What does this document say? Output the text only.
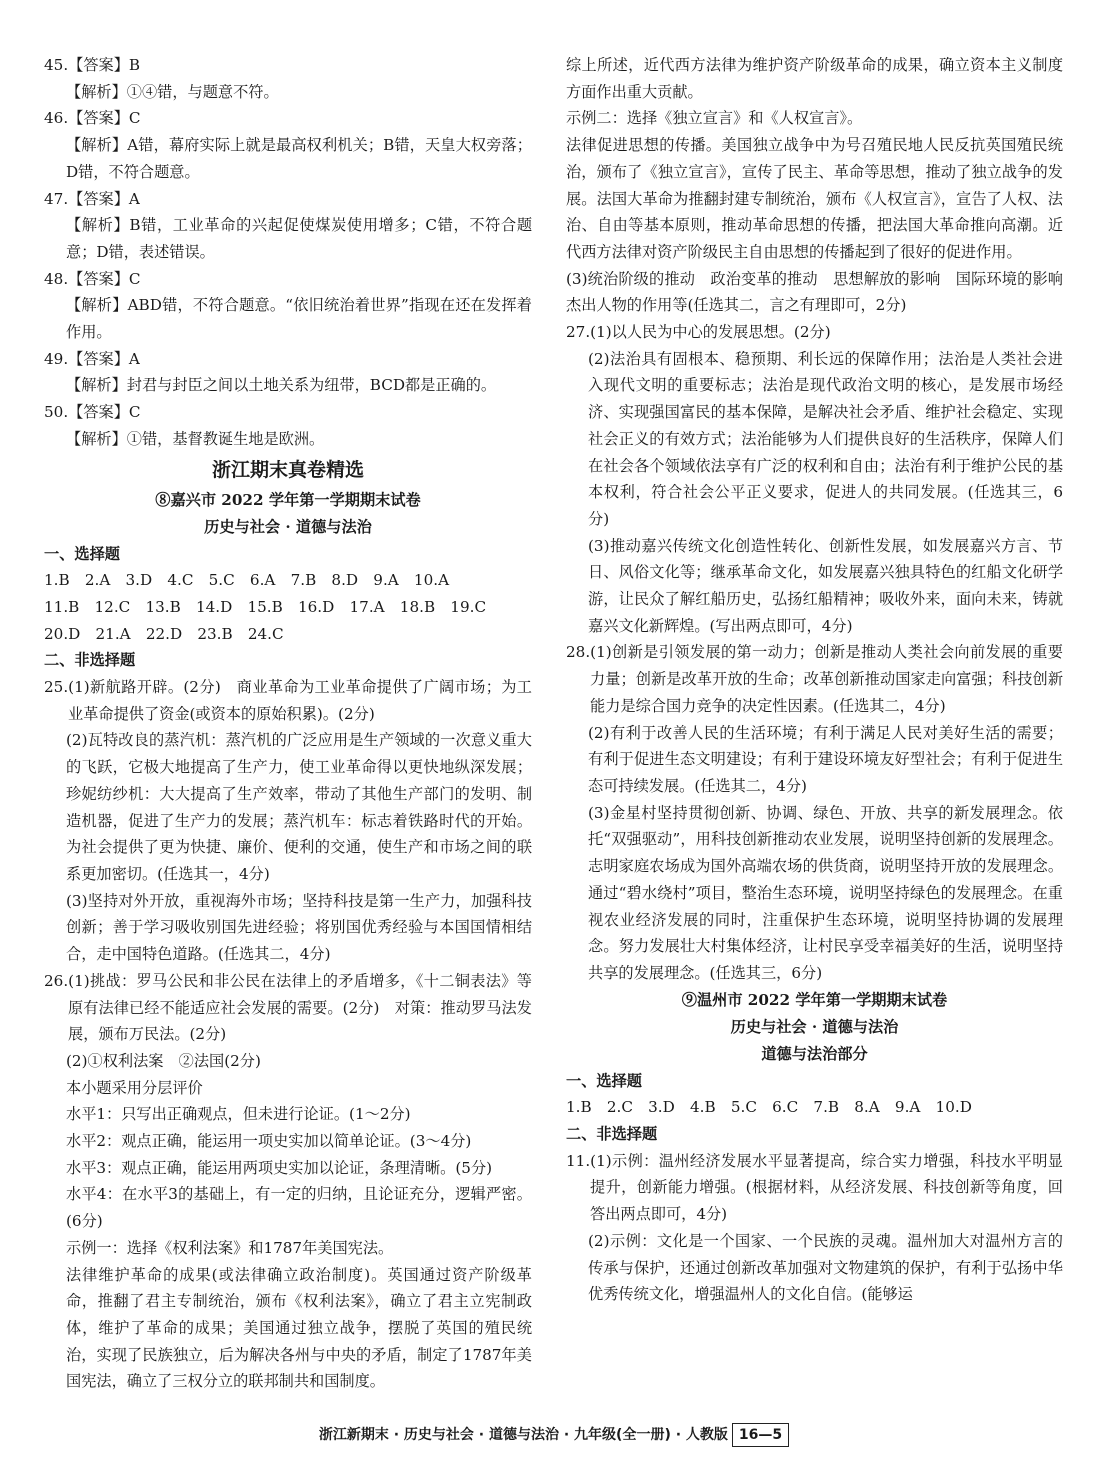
45.【答案】B

【解析】①④错，与题意不符。

46.【答案】C

【解析】A错，幕府实际上就是最高权利机关；B错，天皇大权旁落；D错，不符合题意。

47.【答案】A

【解析】B错，工业革命的兴起促使煤炭使用增多；C错，不符合题意；D错，表述错误。

48.【答案】C

【解析】ABD错，不符合题意。“依旧统治着世界”指现在还在发挥着作用。

49.【答案】A

【解析】封君与封臣之间以土地关系为纽带，BCD都是正确的。

50.【答案】C

【解析】①错，基督教诞生地是欧洲。

浙江期末真卷精选

⑧嘉兴市 2022 学年第一学期期末试卷

历史与社会 · 道德与法治

一、选择题

1.B　2.A　3.D　4.C　5.C　6.A　7.B　8.D　9.A　10.A

11.B　12.C　13.B　14.D　15.B　16.D　17.A　18.B　19.C

20.D　21.A　22.D　23.B　24.C

二、非选择题

25.(1)新航路开辟。(2分)　商业革命为工业革命提供了广阔市场；为工业革命提供了资金(或资本的原始积累)。(2分)

(2)瓦特改良的蒸汽机：蒸汽机的广泛应用是生产领域的一次意义重大的飞跃，它极大地提高了生产力，使工业革命得以更快地纵深发展；珍妮纺纱机：大大提高了生产效率，带动了其他生产部门的发明、制造机器，促进了生产力的发展；蒸汽机车：标志着铁路时代的开始。为社会提供了更为快捷、廉价、便利的交通，使生产和市场之间的联系更加密切。(任选其一，4分)

(3)坚持对外开放，重视海外市场；坚持科技是第一生产力，加强科技创新；善于学习吸收别国先进经验；将别国优秀经验与本国国情相结合，走中国特色道路。(任选其二，4分)

26.(1)挑战：罗马公民和非公民在法律上的矛盾增多，《十二铜表法》等原有法律已经不能适应社会发展的需要。(2分)　对策：推动罗马法发展，颁布万民法。(2分)

(2)①权利法案　②法国(2分)

本小题采用分层评价

水平1：只写出正确观点，但未进行论证。(1～2分)

水平2：观点正确，能运用一项史实加以简单论证。(3～4分)

水平3：观点正确，能运用两项史实加以论证，条理清晰。(5分)

水平4：在水平3的基础上，有一定的归纳，且论证充分，逻辑严密。(6分)

示例一：选择《权利法案》和1787年美国宪法。

法律维护革命的成果(或法律确立政治制度)。英国通过资产阶级革命，推翻了君主专制统治，颁布《权利法案》，确立了君主立宪制政体，维护了革命的成果；美国通过独立战争，摆脱了英国的殖民统治，实现了民族独立，后为解决各州与中央的矛盾，制定了1787年美国宪法，确立了三权分立的联邦制共和国制度。

综上所述，近代西方法律为维护资产阶级革命的成果，确立资本主义制度方面作出重大贡献。

示例二：选择《独立宣言》和《人权宣言》。

法律促进思想的传播。美国独立战争中为号召殖民地人民反抗英国殖民统治，颁布了《独立宣言》，宣传了民主、革命等思想，推动了独立战争的发展。法国大革命为推翻封建专制统治，颁布《人权宣言》，宣告了人权、法治、自由等基本原则，推动革命思想的传播，把法国大革命推向高潮。近代西方法律对资产阶级民主自由思想的传播起到了很好的促进作用。

(3)统治阶级的推动　政治变革的推动　思想解放的影响　国际环境的影响　杰出人物的作用等(任选其二，言之有理即可，2分)

27.(1)以人民为中心的发展思想。(2分)

(2)法治具有固根本、稳预期、利长远的保障作用；法治是人类社会进入现代文明的重要标志；法治是现代政治文明的核心，是发展市场经济、实现强国富民的基本保障，是解决社会矛盾、维护社会稳定、实现社会正义的有效方式；法治能够为人们提供良好的生活秩序，保障人们在社会各个领域依法享有广泛的权利和自由；法治有利于维护公民的基本权利，符合社会公平正义要求，促进人的共同发展。(任选其三，6分)

(3)推动嘉兴传统文化创造性转化、创新性发展，如发展嘉兴方言、节日、风俗文化等；继承革命文化，如发展嘉兴独具特色的红船文化研学游，让民众了解红船历史，弘扬红船精神；吸收外来，面向未来，铸就嘉兴文化新辉煌。(写出两点即可，4分)

28.(1)创新是引领发展的第一动力；创新是推动人类社会向前发展的重要力量；创新是改革开放的生命；改革创新推动国家走向富强；科技创新能力是综合国力竞争的决定性因素。(任选其二，4分)

(2)有利于改善人民的生活环境；有利于满足人民对美好生活的需要；有利于促进生态文明建设；有利于建设环境友好型社会；有利于促进生态可持续发展。(任选其二，4分)

(3)金星村坚持贯彻创新、协调、绿色、开放、共享的新发展理念。依托“双强驱动”，用科技创新推动农业发展，说明坚持创新的发展理念。志明家庭农场成为国外高端农场的供货商，说明坚持开放的发展理念。通过“碧水绕村”项目，整治生态环境，说明坚持绿色的发展理念。在重视农业经济发展的同时，注重保护生态环境，说明坚持协调的发展理念。努力发展壮大村集体经济，让村民享受幸福美好的生活，说明坚持共享的发展理念。(任选其三，6分)

⑨温州市 2022 学年第一学期期末试卷

历史与社会 · 道德与法治

道德与法治部分

一、选择题

1.B　2.C　3.D　4.B　5.C　6.C　7.B　8.A　9.A　10.D

二、非选择题

11.(1)示例：温州经济发展水平显著提高，综合实力增强，科技水平明显提升，创新能力增强。(根据材料，从经济发展、科技创新等角度，回答出两点即可，4分)

(2)示例：文化是一个国家、一个民族的灵魂。温州加大对温州方言的传承与保护，还通过创新改革加强对文物建筑的保护，有利于弘扬中华优秀传统文化，增强温州人的文化自信。(能够运

浙江新期末 · 历史与社会 · 道德与法治 · 九年级(全一册) · 人教版 16—5
